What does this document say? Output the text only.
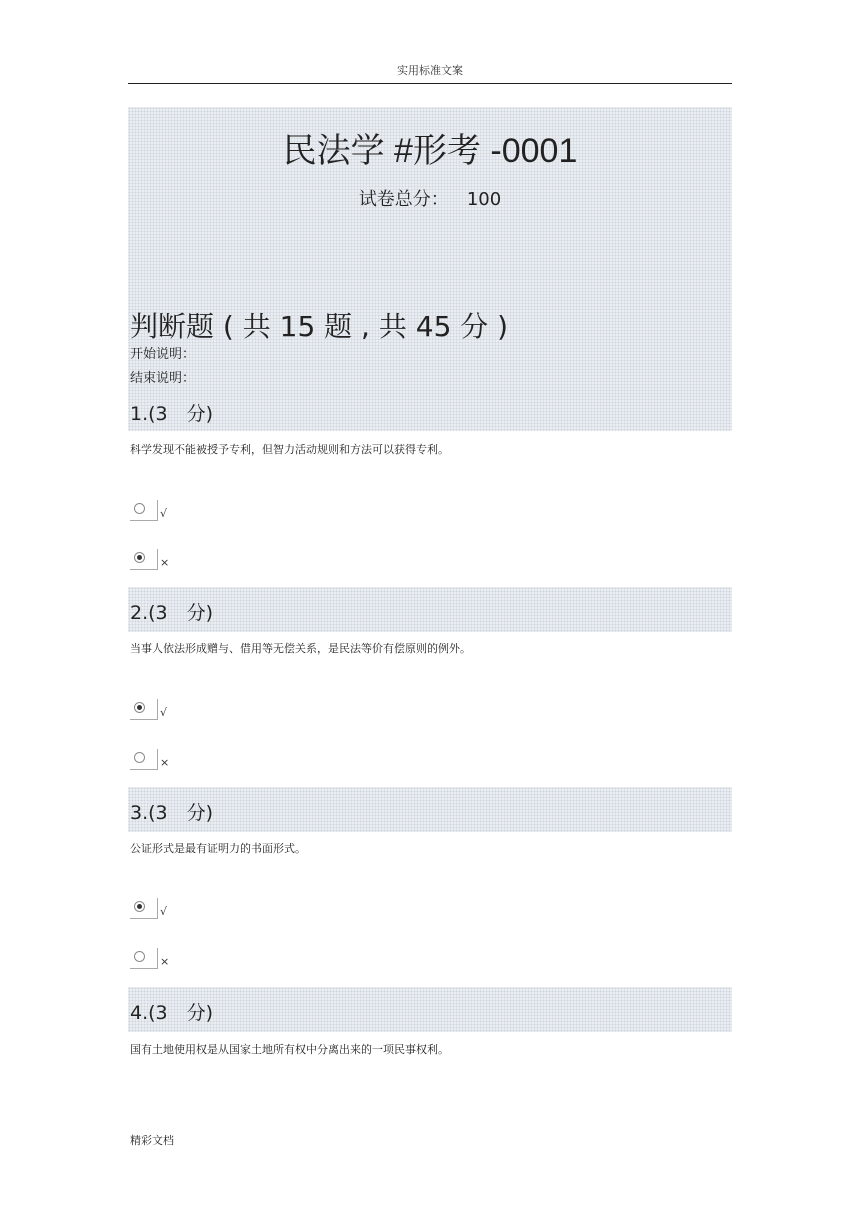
实用标准文案
民法学 #形考 -0001
试卷总分： 100
判断题 ( 共 15 题 , 共 45 分 )
开始说明：
结束说明：
1.(3　分)
科学发现不能被授予专利，但智力活动规则和方法可以获得专利。
√
×
2.(3　分)
当事人依法形成赠与、借用等无偿关系，是民法等价有偿原则的例外。
√
×
3.(3　分)
公证形式是最有证明力的书面形式。
√
×
4.(3　分)
国有土地使用权是从国家土地所有权中分离出来的一项民事权利。
精彩文档
